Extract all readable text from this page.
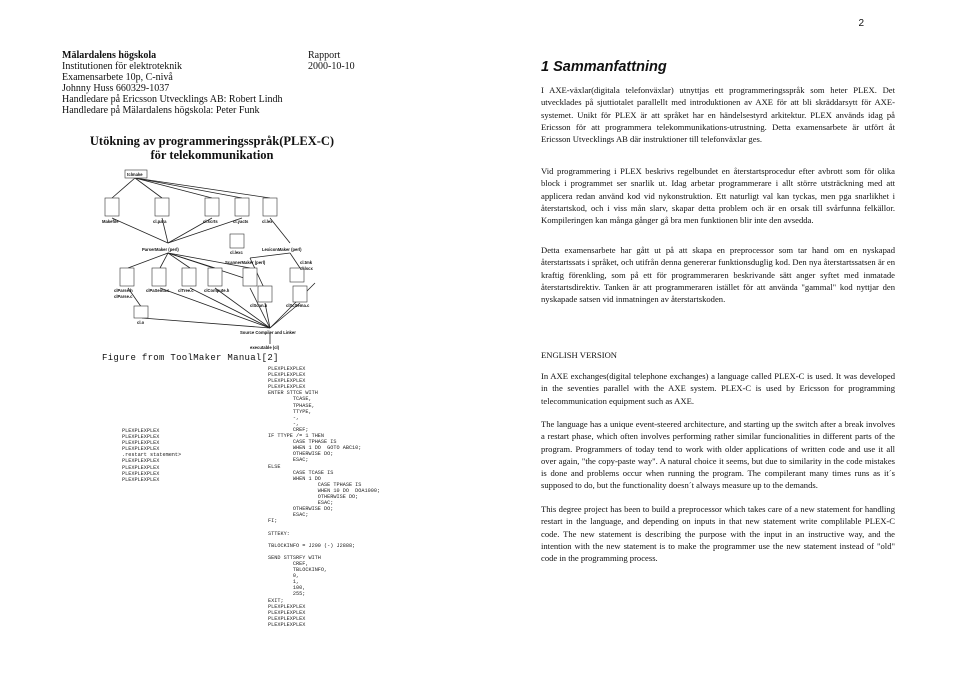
2
Mälardalens högskola
Institutionen för elektroteknik
Examensarbete 10p, C-nivå
Johnny Huss 660329-1037
Handledare på Ericsson Utvecklings AB: Robert Lindh
Handledare på Mälardalens högskola: Peter Funk
Rapport
2000-10-10
Utökning av programmeringsspråk(PLEX-C)
för telekommunikation
tclmake
Makefile	cl.para	cl.scrts	cl.yacts	cl.lex
ParserMaker (perl)	LexiconMaker (perl)
cl.lexc
cl.tmk
cl.lscx
ScannerMaker (perl)
clParse.h	clPaSema.c clTree.c clCompute.h
clScan.h	clScSema.c
clParse.c
cl.o
Source Compiler and Linker
executable (cl)
Figure from ToolMaker Manual[2]
PLEXPLEXPLEX
PLEXPLEXPLEX
PLEXPLEXPLEX
PLEXPLEXPLEX
.restart statement>
PLEXPLEXPLEX
PLEXPLEXPLEX
PLEXPLEXPLEX
PLEXPLEXPLEX
PLEXPLEXPLEX
PLEXPLEXPLEX
PLEXPLEXPLEX
PLEXPLEXPLEX
ENTER STTCE WITH
TCASE,
TPHASE,
TTYPE,
-,
-,
CREF;
IF TTYPE /= 1 THEN
CASE TPHASE IS
WHEN 1 DO  GOTO ABC10;
OTHERWISE DO;
ESAC;
ELSE
CASE TCASE IS
WHEN 1 DO
CASE TPHASE IS
WHEN 10 DO  DOA1000;
OTHERWISE DO;
ESAC;
OTHERWISE DO;
ESAC;
FI;

STTEKY:

TBLOCKINFO = J200 (-) J2888;

SEND STTSRFY WITH
CREF,
TBLOCKINFO,
0,
1,
100,
255;
EXIT;
PLEXPLEXPLEX
PLEXPLEXPLEX
PLEXPLEXPLEX
PLEXPLEXPLEX
1 Sammanfattning

I AXE-växlar(digitala telefonväxlar) utnyttjas ett programmeringsspråk som heter PLEX. Det utvecklades på sjuttiotalet parallellt med introduktionen av AXE för att bli skräddarsytt för AXE-systemet. Unikt för PLEX är att språket har en händelsestyrd arkitektur. PLEX används idag på Ericsson för att programmera telekommunikations-utrustning. Detta examensarbete är utfört åt Ericsson Utvecklings AB där instruktioner till telefonväxlar ges.

Vid programmering i PLEX beskrivs regelbundet en återstartsprocedur efter avbrott som för olika block i programmet ser snarlik ut. Idag arbetar programmerare i allt större utsträckning med att applicera redan använd kod vid nykonstruktion. Ett naturligt val kan tyckas, men pga snarlikhet i återstartskod, och i viss mån slarv, skapar detta problem och är en orsak till svårfunna felkällor. Kompileringen kan många gånger gå bra men funktionen blir inte den avsedda.

Detta examensarbete har gått ut på att skapa en preprocessor som tar hand om en nyskapad återstartssats i språket, och utifrån denna genererar funktionsduglig kod. Den nya återstartssatsen är en kraftig förenkling, som på ett för programmeraren beskrivande sätt anger syftet med inmatade återstartsdirektiv. Tanken är att programmeraren istället för att använda "gammal" kod nyttjar den nyskapade satsen vid inmatningen av återstartskoden.

ENGLISH VERSION

In AXE exchanges(digital telephone exchanges) a language called PLEX-C is used. It was developed in the seventies parallel with the AXE system. PLEX-C is used by Ericsson for programming telecommunication equipment such as AXE.

The language has a unique event-steered architecture, and starting up the switch after a break involves a restart phase, which often involves performing rather similar funcionalities in different parts of the program. Programmers of today tend to work with older applications of written code and use it all over again, "the copy-paste way". A natural choice it seems, but due to similarity in the code mistakes is done and problems occur when running the program. The compilerant many times runs as it´s supposed to do, but the functionality doesn´t always measure up to the demands.

This degree project has been to build a preprocessor which takes care of a new statement for handling restart in the language, and depending on inputs in that new statement write complilable PLEX-C code. The new statement is describing the purpose with the input in an instructive way, and the intention with the new statement is to make the programmer use the new statement instead of "old" code in the programming process.
